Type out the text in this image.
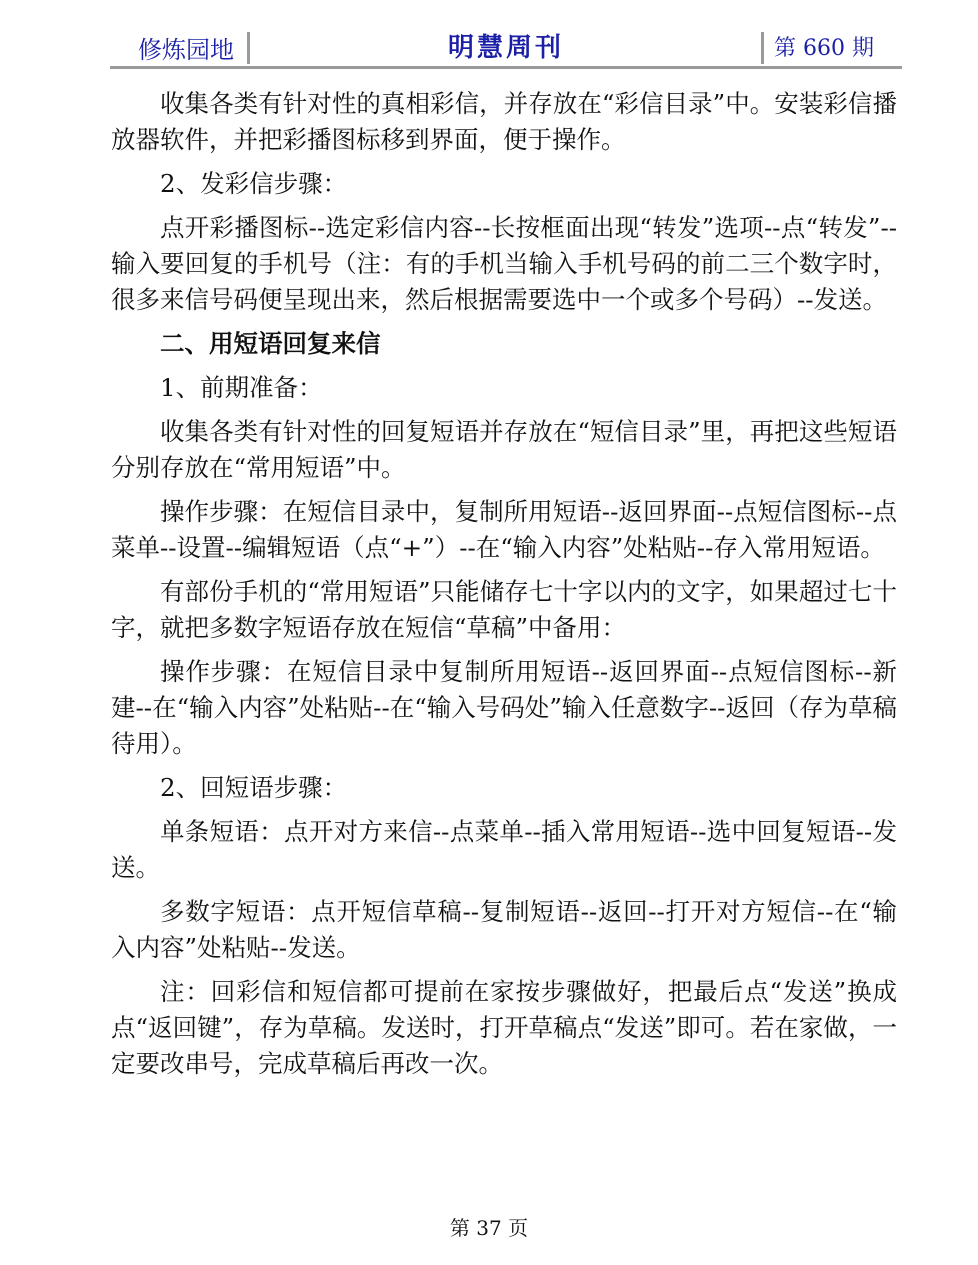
修炼园地	明慧周刊	第 660 期

收集各类有针对性的真相彩信，并存放在“彩信目录”中。安装彩信播放器软件，并把彩播图标移到界面，便于操作。

2、发彩信步骤：

点开彩播图标--选定彩信内容--长按框面出现“转发”选项--点“转发”--输入要回复的手机号（注：有的手机当输入手机号码的前二三个数字时，很多来信号码便呈现出来，然后根据需要选中一个或多个号码）--发送。

二、用短语回复来信

1、前期准备：

收集各类有针对性的回复短语并存放在“短信目录”里，再把这些短语分别存放在“常用短语”中。

操作步骤：在短信目录中，复制所用短语--返回界面--点短信图标--点菜单--设置--编辑短语（点“+”）--在“输入内容”处粘贴--存入常用短语。

有部份手机的“常用短语”只能储存七十字以内的文字，如果超过七十字，就把多数字短语存放在短信“草稿”中备用：

操作步骤：在短信目录中复制所用短语--返回界面--点短信图标--新建--在“输入内容”处粘贴--在“输入号码处”输入任意数字--返回（存为草稿待用）。

2、回短语步骤：

单条短语：点开对方来信--点菜单--插入常用短语--选中回复短语--发送。

多数字短语：点开短信草稿--复制短语--返回--打开对方短信--在“输入内容”处粘贴--发送。

注：回彩信和短信都可提前在家按步骤做好，把最后点“发送”换成点“返回键”，存为草稿。发送时，打开草稿点“发送”即可。若在家做，一定要改串号，完成草稿后再改一次。

第 37 页
